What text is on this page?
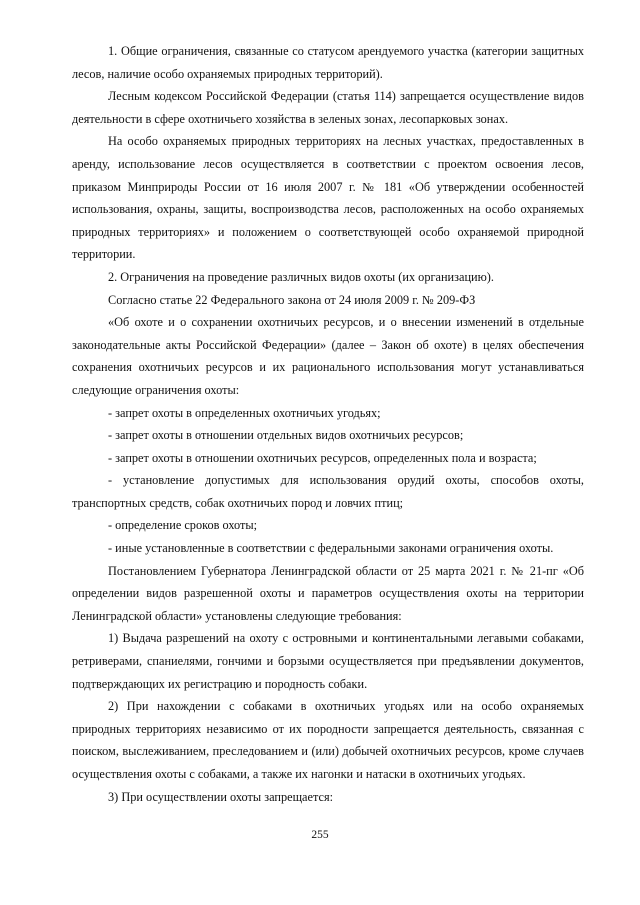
1. Общие ограничения, связанные со статусом арендуемого участка (категории защитных лесов, наличие особо охраняемых природных территорий).

Лесным кодексом Российской Федерации (статья 114) запрещается осуществление видов деятельности в сфере охотничьего хозяйства в зеленых зонах, лесопарковых зонах.

На особо охраняемых природных территориях на лесных участках, предоставленных в аренду, использование лесов осуществляется в соответствии с проектом освоения лесов, приказом Минприроды России от 16 июля 2007 г. № 181 «Об утверждении особенностей использования, охраны, защиты, воспроизводства лесов, расположенных на особо охраняемых природных территориях» и положением о соответствующей особо охраняемой природной территории.

2. Ограничения на проведение различных видов охоты (их организацию).

Согласно статье 22 Федерального закона от 24 июля 2009 г. № 209-ФЗ

«Об охоте и о сохранении охотничьих ресурсов, и о внесении изменений в отдельные законодательные акты Российской Федерации» (далее – Закон об охоте) в целях обеспечения сохранения охотничьих ресурсов и их рационального использования могут устанавливаться следующие ограничения охоты:

- запрет охоты в определенных охотничьих угодьях;

- запрет охоты в отношении отдельных видов охотничьих ресурсов;

- запрет охоты в отношении охотничьих ресурсов, определенных пола и возраста;

- установление допустимых для использования орудий охоты, способов охоты, транспортных средств, собак охотничьих пород и ловчих птиц;

- определение сроков охоты;

- иные установленные в соответствии с федеральными законами ограничения охоты.

Постановлением Губернатора Ленинградской области от 25 марта 2021 г. № 21-пг «Об определении видов разрешенной охоты и параметров осуществления охоты на территории Ленинградской области» установлены следующие требования:

1) Выдача разрешений на охоту с островными и континентальными легавыми собаками, ретриверами, спаниелями, гончими и борзыми осуществляется при предъявлении документов, подтверждающих их регистрацию и породность собаки.

2) При нахождении с собаками в охотничьих угодьях или на особо охраняемых природных территориях независимо от их породности запрещается деятельность, связанная с поиском, выслеживанием, преследованием и (или) добычей охотничьих ресурсов, кроме случаев осуществления охоты с собаками, а также их нагонки и натаски в охотничьих угодьях.

3) При осуществлении охоты запрещается:

255
